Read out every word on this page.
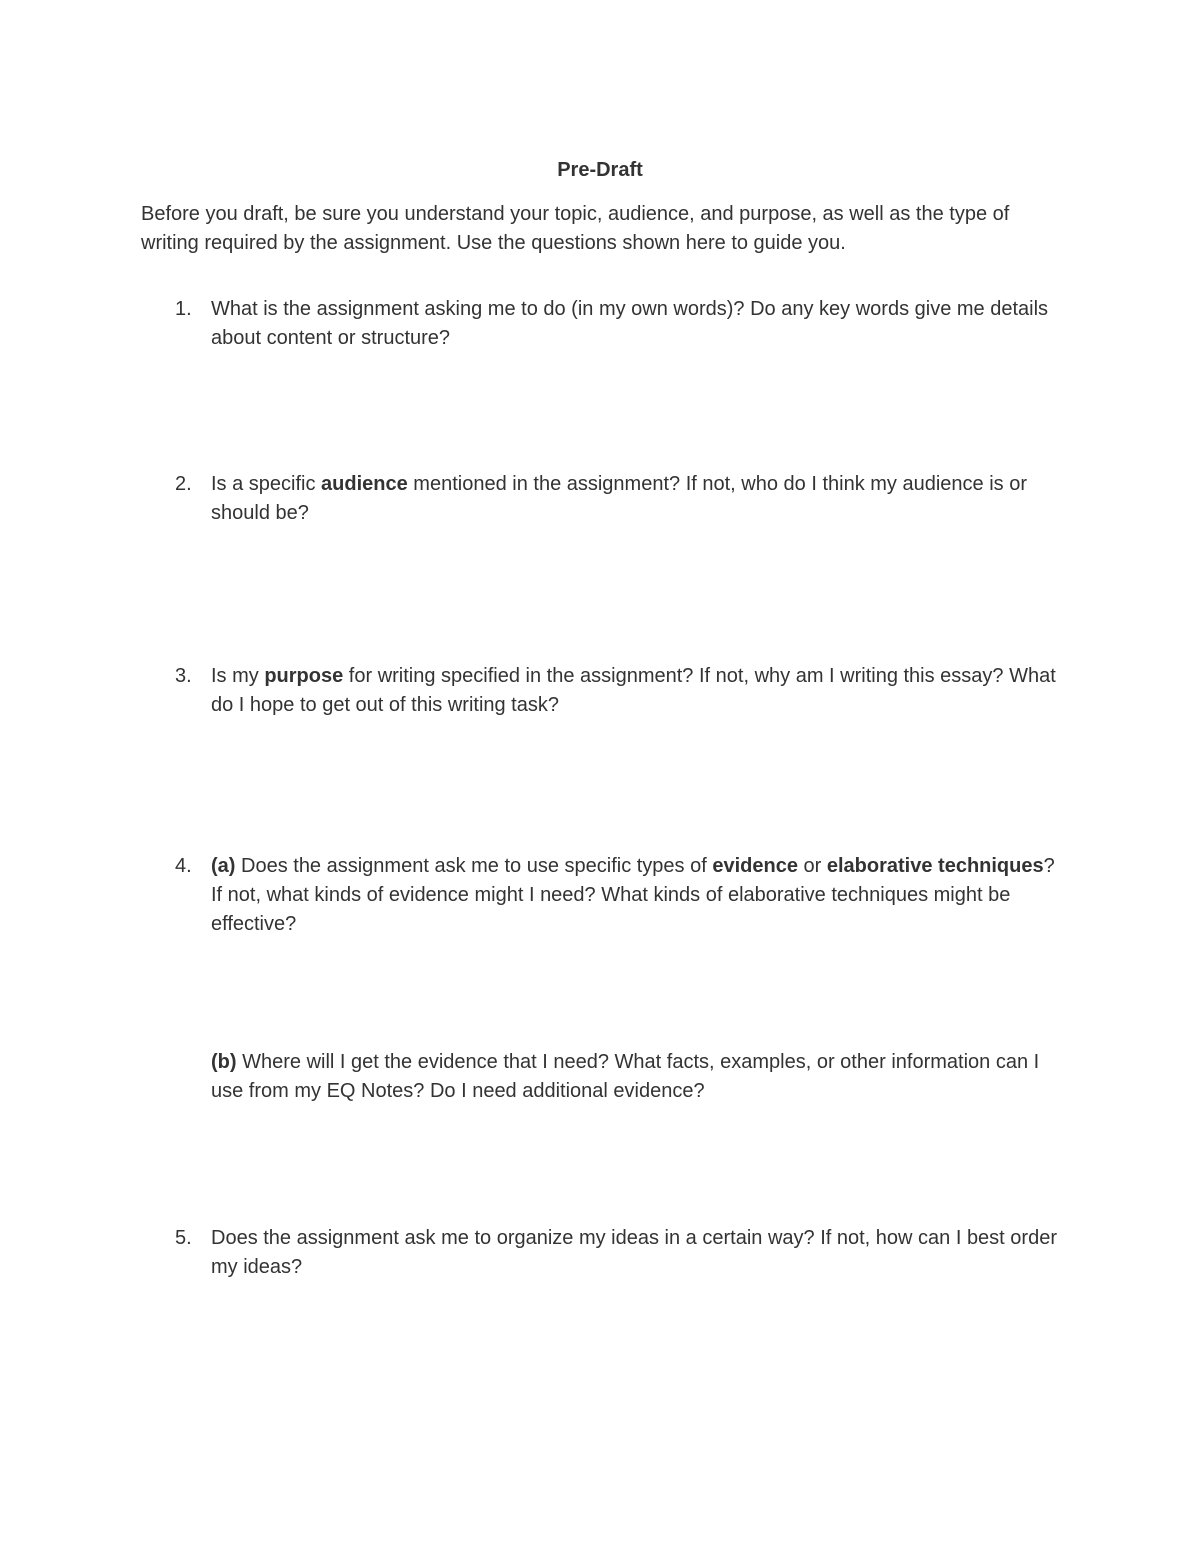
Pre-Draft
Before you draft, be sure you understand your topic, audience, and purpose, as well as the type of writing required by the assignment. Use the questions shown here to guide you.
1. What is the assignment asking me to do (in my own words)? Do any key words give me details about content or structure?
2. Is a specific audience mentioned in the assignment? If not, who do I think my audience is or should be?
3. Is my purpose for writing specified in the assignment? If not, why am I writing this essay? What do I hope to get out of this writing task?
4. (a) Does the assignment ask me to use specific types of evidence or elaborative techniques? If not, what kinds of evidence might I need? What kinds of elaborative techniques might be effective?
(b) Where will I get the evidence that I need? What facts, examples, or other information can I use from my EQ Notes? Do I need additional evidence?
5. Does the assignment ask me to organize my ideas in a certain way? If not, how can I best order my ideas?
